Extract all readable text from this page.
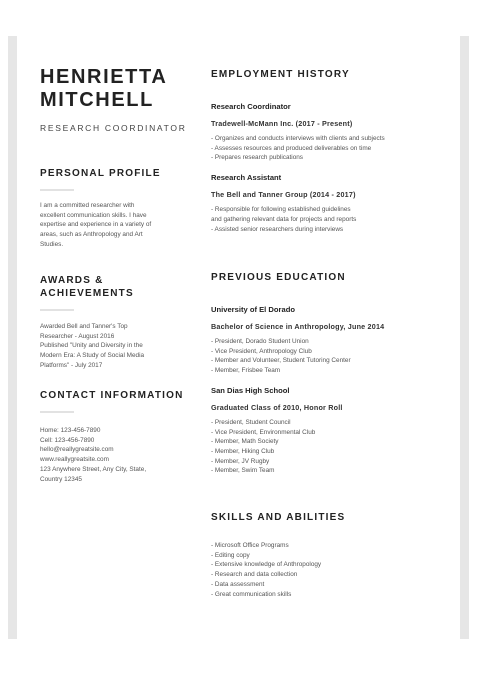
HENRIETTA
MITCHELL

RESEARCH COORDINATOR

PERSONAL PROFILE
I am a committed researcher with
excellent communication skills. I have
expertise and experience in a variety of
areas, such as Anthropology and Art
Studies.
AWARDS &
ACHIEVEMENTS
Awarded Bell and Tanner's Top
Researcher - August 2016
Published "Unity and Diversity in the
Modern Era: A Study of Social Media
Platforms" - July 2017
CONTACT INFORMATION
Home: 123-456-7890
Cell: 123-456-7890
hello@reallygreatsite.com
www.reallygreatsite.com
123 Anywhere Street, Any City, State,
Country 12345
EMPLOYMENT HISTORY

Research Coordinator

Tradewell-McMann Inc. (2017 - Present)

- Organizes and conducts interviews with clients and subjects
- Assesses resources and produced deliverables on time
- Prepares research publications

Research Assistant

The Bell and Tanner Group (2014 - 2017)

- Responsible for following established guidelines
and gathering relevant data for projects and reports
- Assisted senior researchers during interviews
PREVIOUS EDUCATION

University of El Dorado

Bachelor of Science in Anthropology, June 2014

- President, Dorado Student Union
- Vice President, Anthropology Club
- Member and Volunteer, Student Tutoring Center
- Member, Frisbee Team

San Dias High School

Graduated Class of 2010, Honor Roll

- President, Student Council
- Vice President, Environmental Club
- Member, Math Society
- Member, Hiking Club
- Member, JV Rugby
- Member, Swim Team
SKILLS AND ABILITIES
- Microsoft Office Programs
- Editing copy
- Extensive knowledge of Anthropology
- Research and data collection
- Data assessment
- Great communication skills
